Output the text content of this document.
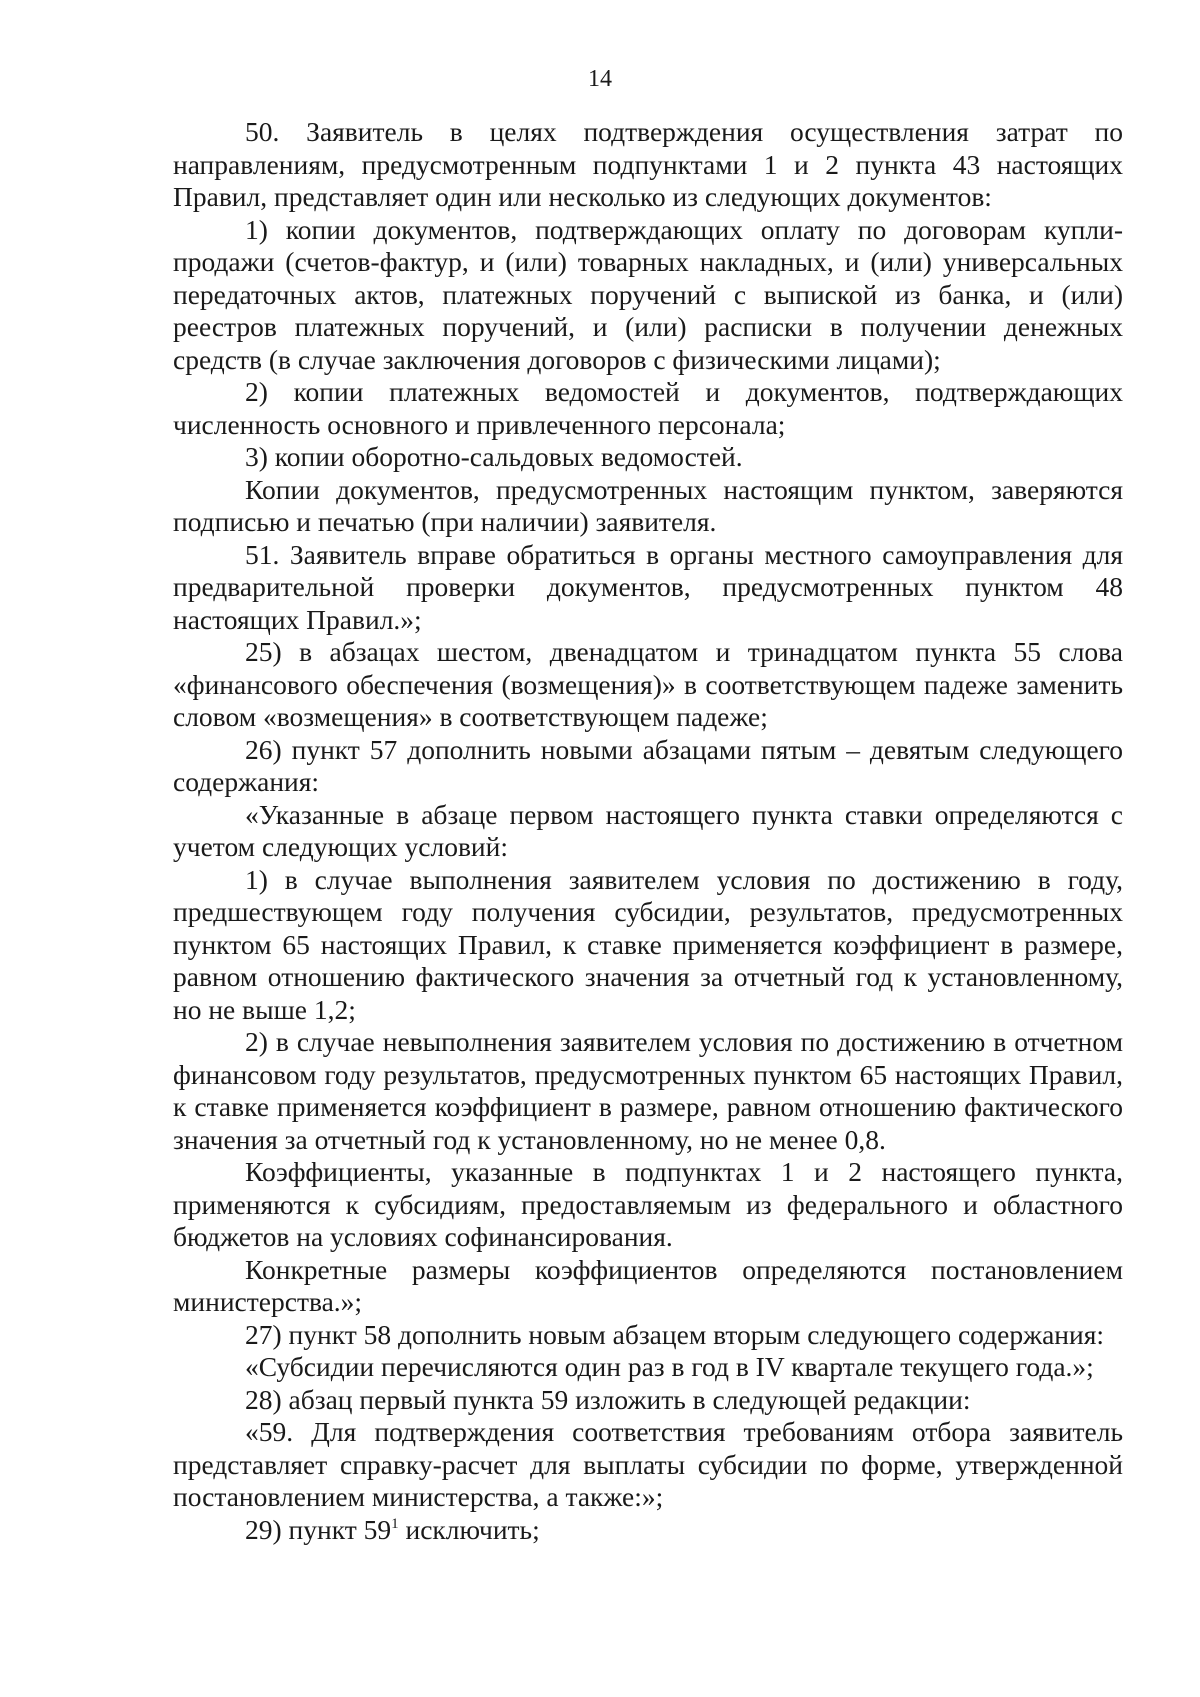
14

50. Заявитель в целях подтверждения осуществления затрат по направлениям, предусмотренным подпунктами 1 и 2 пункта 43 настоящих Правил, представляет один или несколько из следующих документов:

1) копии документов, подтверждающих оплату по договорам купли-продажи (счетов-фактур, и (или) товарных накладных, и (или) универсальных передаточных актов, платежных поручений с выпиской из банка, и (или) реестров платежных поручений, и (или) расписки в получении денежных средств (в случае заключения договоров с физическими лицами);

2) копии платежных ведомостей и документов, подтверждающих численность основного и привлеченного персонала;

3) копии оборотно-сальдовых ведомостей.

Копии документов, предусмотренных настоящим пунктом, заверяются подписью и печатью (при наличии) заявителя.

51. Заявитель вправе обратиться в органы местного самоуправления для предварительной проверки документов, предусмотренных пунктом 48 настоящих Правил.»;

25) в абзацах шестом, двенадцатом и тринадцатом пункта 55 слова «финансового обеспечения (возмещения)» в соответствующем падеже заменить словом «возмещения» в соответствующем падеже;

26) пункт 57 дополнить новыми абзацами пятым – девятым следующего содержания:

«Указанные в абзаце первом настоящего пункта ставки определяются с учетом следующих условий:

1) в случае выполнения заявителем условия по достижению в году, предшествующем году получения субсидии, результатов, предусмотренных пунктом 65 настоящих Правил, к ставке применяется коэффициент в размере, равном отношению фактического значения за отчетный год к установленному, но не выше 1,2;

2) в случае невыполнения заявителем условия по достижению в отчетном финансовом году результатов, предусмотренных пунктом 65 настоящих Правил, к ставке применяется коэффициент в размере, равном отношению фактического значения за отчетный год к установленному, но не менее 0,8.

Коэффициенты, указанные в подпунктах 1 и 2 настоящего пункта, применяются к субсидиям, предоставляемым из федерального и областного бюджетов на условиях софинансирования.

Конкретные размеры коэффициентов определяются постановлением министерства.»;

27) пункт 58 дополнить новым абзацем вторым следующего содержания:

«Субсидии перечисляются один раз в год в IV квартале текущего года.»;

28) абзац первый пункта 59 изложить в следующей редакции:

«59. Для подтверждения соответствия требованиям отбора заявитель представляет справку-расчет для выплаты субсидии по форме, утвержденной постановлением министерства, а также:»;

29) пункт $59^1$ исключить;
